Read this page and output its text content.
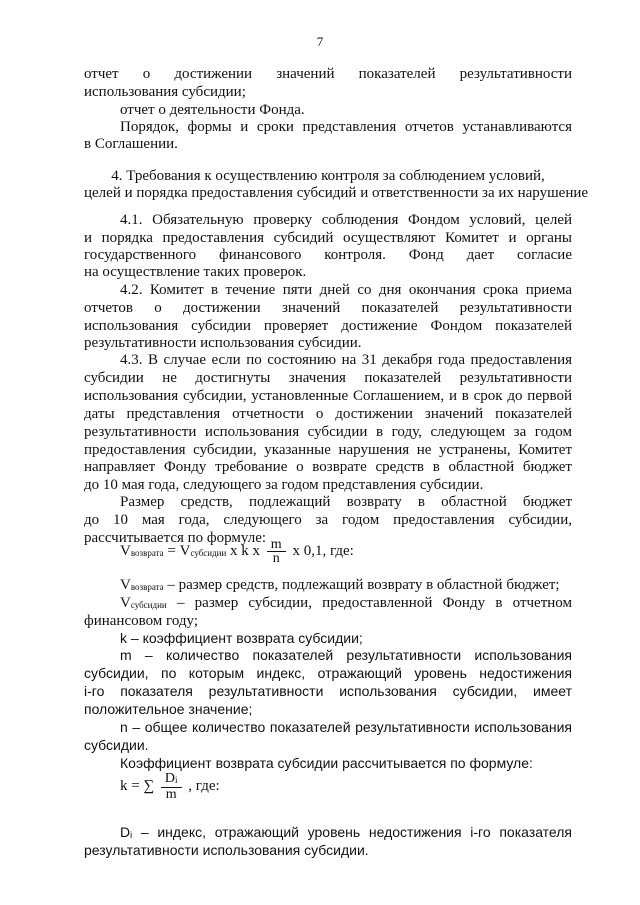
7
отчет о достижении значений показателей результативности
использования субсидии;
отчет о деятельности Фонда.
Порядок, формы и сроки представления отчетов устанавливаются
в Соглашении.
4. Требования к осуществлению контроля за соблюдением условий,
целей и порядка предоставления субсидий и ответственности за их нарушение
4.1. Обязательную проверку соблюдения Фондом условий, целей
и порядка предоставления субсидий осуществляют Комитет и органы
государственного финансового контроля. Фонд дает согласие
на осуществление таких проверок.
4.2. Комитет в течение пяти дней со дня окончания срока приема
отчетов о достижении значений показателей результативности
использования субсидии проверяет достижение Фондом показателей
результативности использования субсидии.
4.3. В случае если по состоянию на 31 декабря года предоставления
субсидии не достигнуты значения показателей результативности
использования субсидии, установленные Соглашением, и в срок до первой
даты представления отчетности о достижении значений показателей
результативности использования субсидии в году, следующем за годом
предоставления субсидии, указанные нарушения не устранены, Комитет
направляет Фонду требование о возврате средств в областной бюджет
до 10 мая года, следующего за годом представления субсидии.
Размер средств, подлежащий возврату в областной бюджет
до 10 мая года, следующего за годом предоставления субсидии,
рассчитывается по формуле:
$V_{возврата} = V_{субсидии}$ x k x $\frac{m}{n}$ x 0,1, где:
$V_{возврата}$ – размер средств, подлежащий возврату в областной бюджет;
$V_{субсидии}$ – размер субсидии, предоставленной Фонду в отчетном
финансовом году;
k – коэффициент возврата субсидии;
m – количество показателей результативности использования
субсидии, по которым индекс, отражающий уровень недостижения
i-го показателя результативности использования субсидии, имеет
положительное значение;
n – общее количество показателей результативности использования
субсидии.
Коэффициент возврата субсидии рассчитывается по формуле:
k = ∑ $\frac{D_i}{m}$ , где:
$D_i$ – индекс, отражающий уровень недостижения i-го показателя
результативности использования субсидии.
